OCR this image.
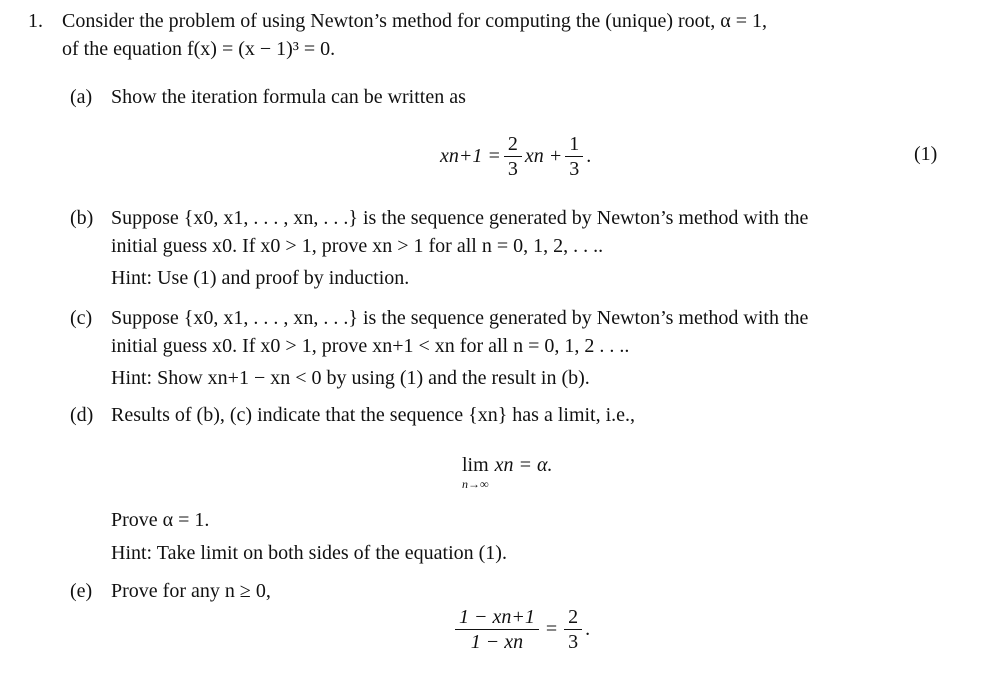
1. Consider the problem of using Newton’s method for computing the (unique) root, α = 1,
of the equation f(x) = (x − 1)³ = 0.
(a) Show the iteration formula can be written as
$xn+1 = \frac{2}{3}$ xn + $\frac{1}{3}$ .	(1)
(b) Suppose {x0, x1, . . . , xn, . . .} is the sequence generated by Newton’s method with the
initial guess x0. If x0 > 1, prove xn > 1 for all n = 0, 1, 2, . . ..
Hint: Use (1) and proof by induction.
(c) Suppose {x0, x1, . . . , xn, . . .} is the sequence generated by Newton’s method with the
initial guess x0. If x0 > 1, prove xn+1 < xn for all n = 0, 1, 2 . . ..
Hint: Show xn+1 − xn < 0 by using (1) and the result in (b).
(d) Results of (b), (c) indicate that the sequence {xn} has a limit, i.e.,
lim
n→∞
xn = α.
Prove α = 1.
Hint: Take limit on both sides of the equation (1).
(e) Prove for any n ≥ 0,
$\frac{1 - xn+1}{1 - xn} = \frac{2}{3}$ .
